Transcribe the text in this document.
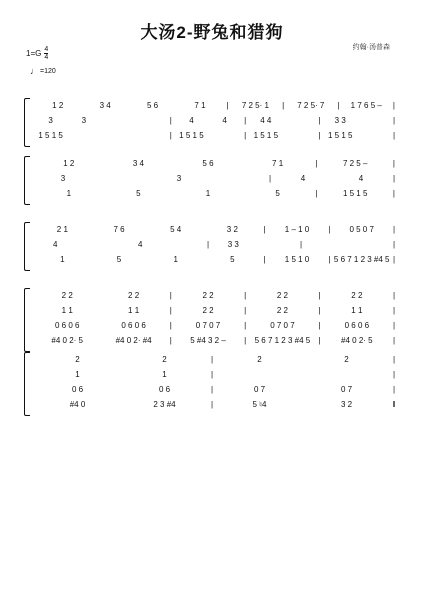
大汤2-野兔和猎狗
约翰·汤普森
$1=G \frac{4}{4}$
♩ =120
1 2	3 4	5 6	7 1	|	7 2 5· 1	|	7 2 5· 7	|	1 7 6 5 –	|
3	3	|	4	4	|	4 4	|	3 3	|
1 5 1 5	| 1 5 1 5	| 1 5 1 5	| 1 5 1 5	|
1 2	3 4	5 6	7 1	|	7 2 5 –	|
3	3	|	4	4	|
1	5	1	5	|	1 5 1 5	|
2 1	7 6	5 4	3 2	|	1 – 1 0	|	0 5 0 7	|
4	4	|	3 3	|	|
1	5	1	5	|	1 5 1 0	| 5 6 7 1 2 3 #4 5 |
2 2	2 2	|	2 2	|	2 2	|	2 2	|
1 1	1 1	|	2 2	|	2 2	|	1 1	|
0 6 0 6	0 6 0 6	|	0 7 0 7	|	0 7 0 7	|	0 6 0 6	|
#4 0 2· 5	#4 0 2· #4	|	5 #4 3 2 –	|	5 6 7 1 2 3 #4 5	|	#4 0 2· 5	|
2	2	|	2	2	|
1	1	|	|
0 6	0 6	|	0 7	0 7	|
#4 0	2 3 #4	|	5 ♮4	3 2	‖
